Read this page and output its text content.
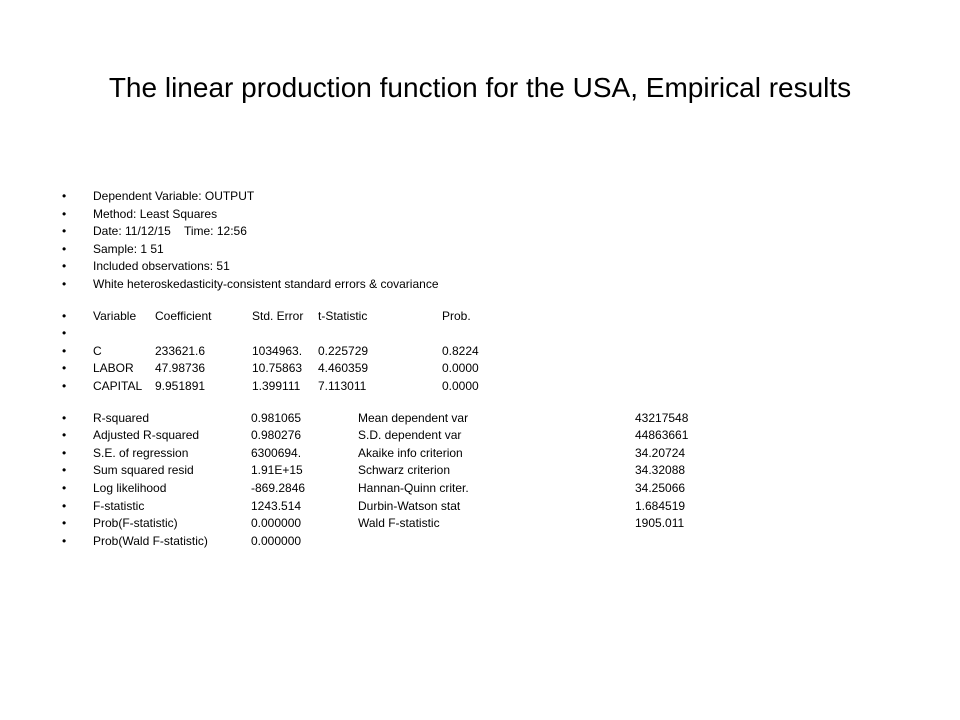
The linear production function for the USA, Empirical results
• Dependent Variable: OUTPUT
• Method: Least Squares
• Date: 11/12/15    Time: 12:56
• Sample: 1 51
• Included observations: 51
• White heteroskedasticity-consistent standard errors & covariance
• Variable Coefficient	Std. Error t-Statistic	Prob.
•
• C	233621.6	1034963. 0.225729	0.8224
• LABOR 47.98736	10.75863 4.460359	0.0000
• CAPITAL 9.951891	1.399111 7.113011	0.0000
• R-squared	0.981065	Mean dependent var	43217548
• Adjusted R-squared	0.980276	S.D. dependent var	44863661
• S.E. of regression	6300694.	Akaike info criterion	34.20724
• Sum squared resid	1.91E+15	Schwarz criterion	34.32088
• Log likelihood	-869.2846	Hannan-Quinn criter.	34.25066
• F-statistic	1243.514	Durbin-Watson stat	1.684519
• Prob(F-statistic)	0.000000	Wald F-statistic	1905.011
• Prob(Wald F-statistic)	0.000000
